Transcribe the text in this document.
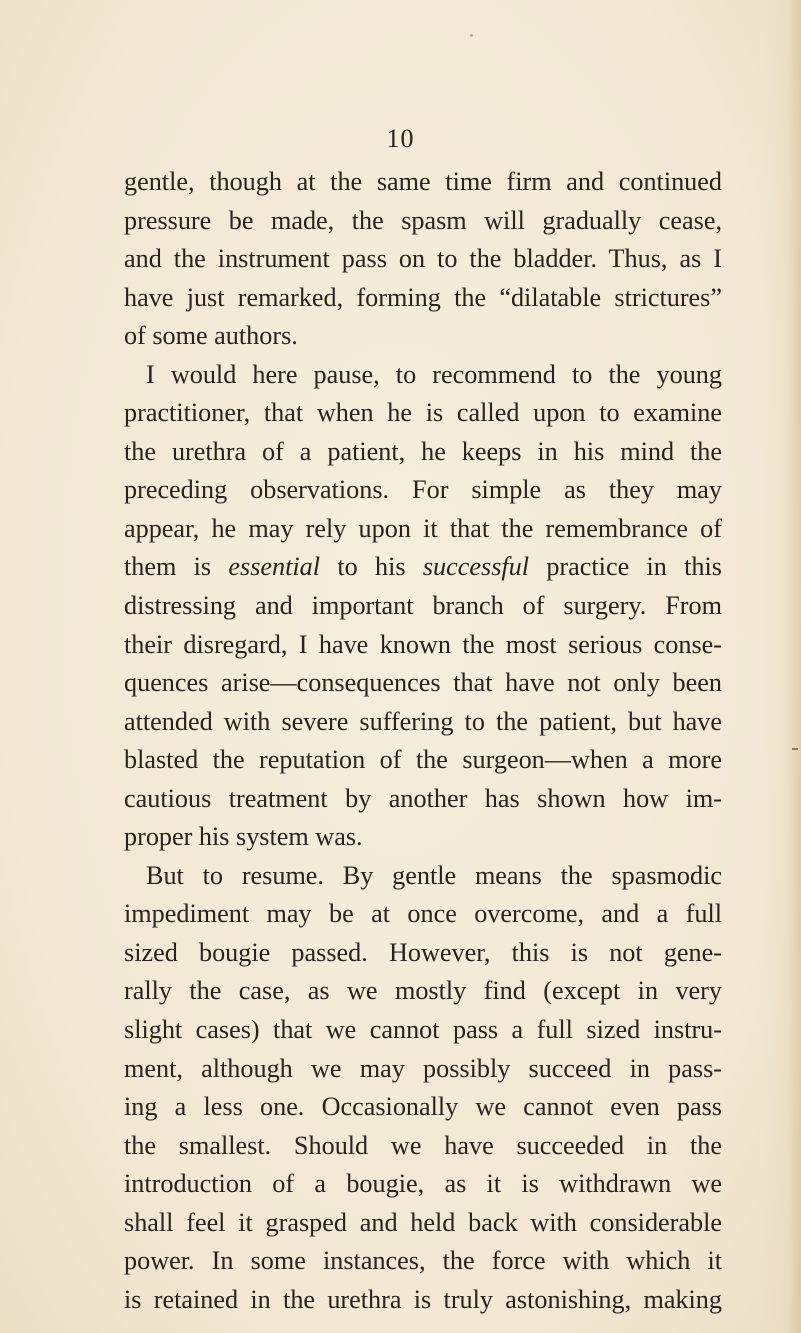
10
gentle, though at the same time firm and continued
pressure be made, the spasm will gradually cease,
and the instrument pass on to the bladder. Thus, as I
have just remarked, forming the “dilatable strictures”
of some authors.
I would here pause, to recommend to the young
practitioner, that when he is called upon to examine
the urethra of a patient, he keeps in his mind the
preceding observations. For simple as they may
appear, he may rely upon it that the remembrance of
them is essential to his successful practice in this
distressing and important branch of surgery. From
their disregard, I have known the most serious conse-
quences arise—consequences that have not only been
attended with severe suffering to the patient, but have
blasted the reputation of the surgeon—when a more
cautious treatment by another has shown how im-
proper his system was.
But to resume. By gentle means the spasmodic
impediment may be at once overcome, and a full
sized bougie passed. However, this is not gene-
rally the case, as we mostly find (except in very
slight cases) that we cannot pass a full sized instru-
ment, although we may possibly succeed in pass-
ing a less one. Occasionally we cannot even pass
the smallest. Should we have succeeded in the
introduction of a bougie, as it is withdrawn we
shall feel it grasped and held back with considerable
power. In some instances, the force with which it
is retained in the urethra is truly astonishing, making
